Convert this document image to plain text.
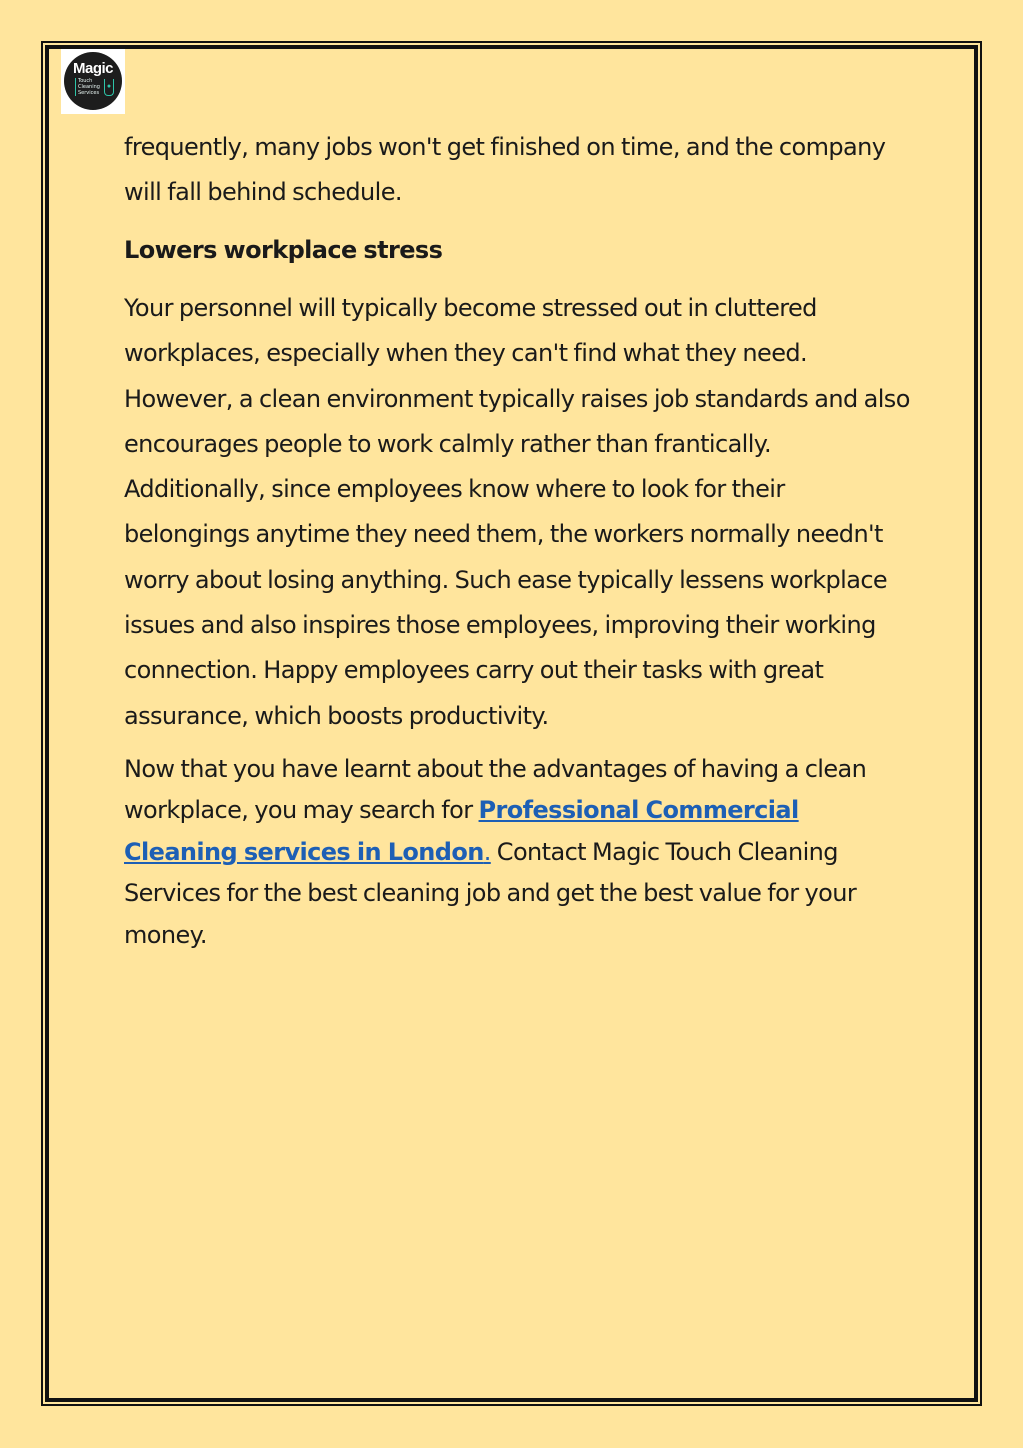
Magic
Touch
Cleaning
Services
●

frequently, many jobs won't get finished on time, and the company will fall behind schedule.

Lowers workplace stress

Your personnel will typically become stressed out in cluttered workplaces, especially when they can't find what they need. However, a clean environment typically raises job standards and also encourages people to work calmly rather than frantically. Additionally, since employees know where to look for their belongings anytime they need them, the workers normally needn't worry about losing anything. Such ease typically lessens workplace issues and also inspires those employees, improving their working connection. Happy employees carry out their tasks with great assurance, which boosts productivity.

Now that you have learnt about the advantages of having a clean workplace, you may search for Professional Commercial Cleaning services in London. Contact Magic Touch Cleaning Services for the best cleaning job and get the best value for your money.
